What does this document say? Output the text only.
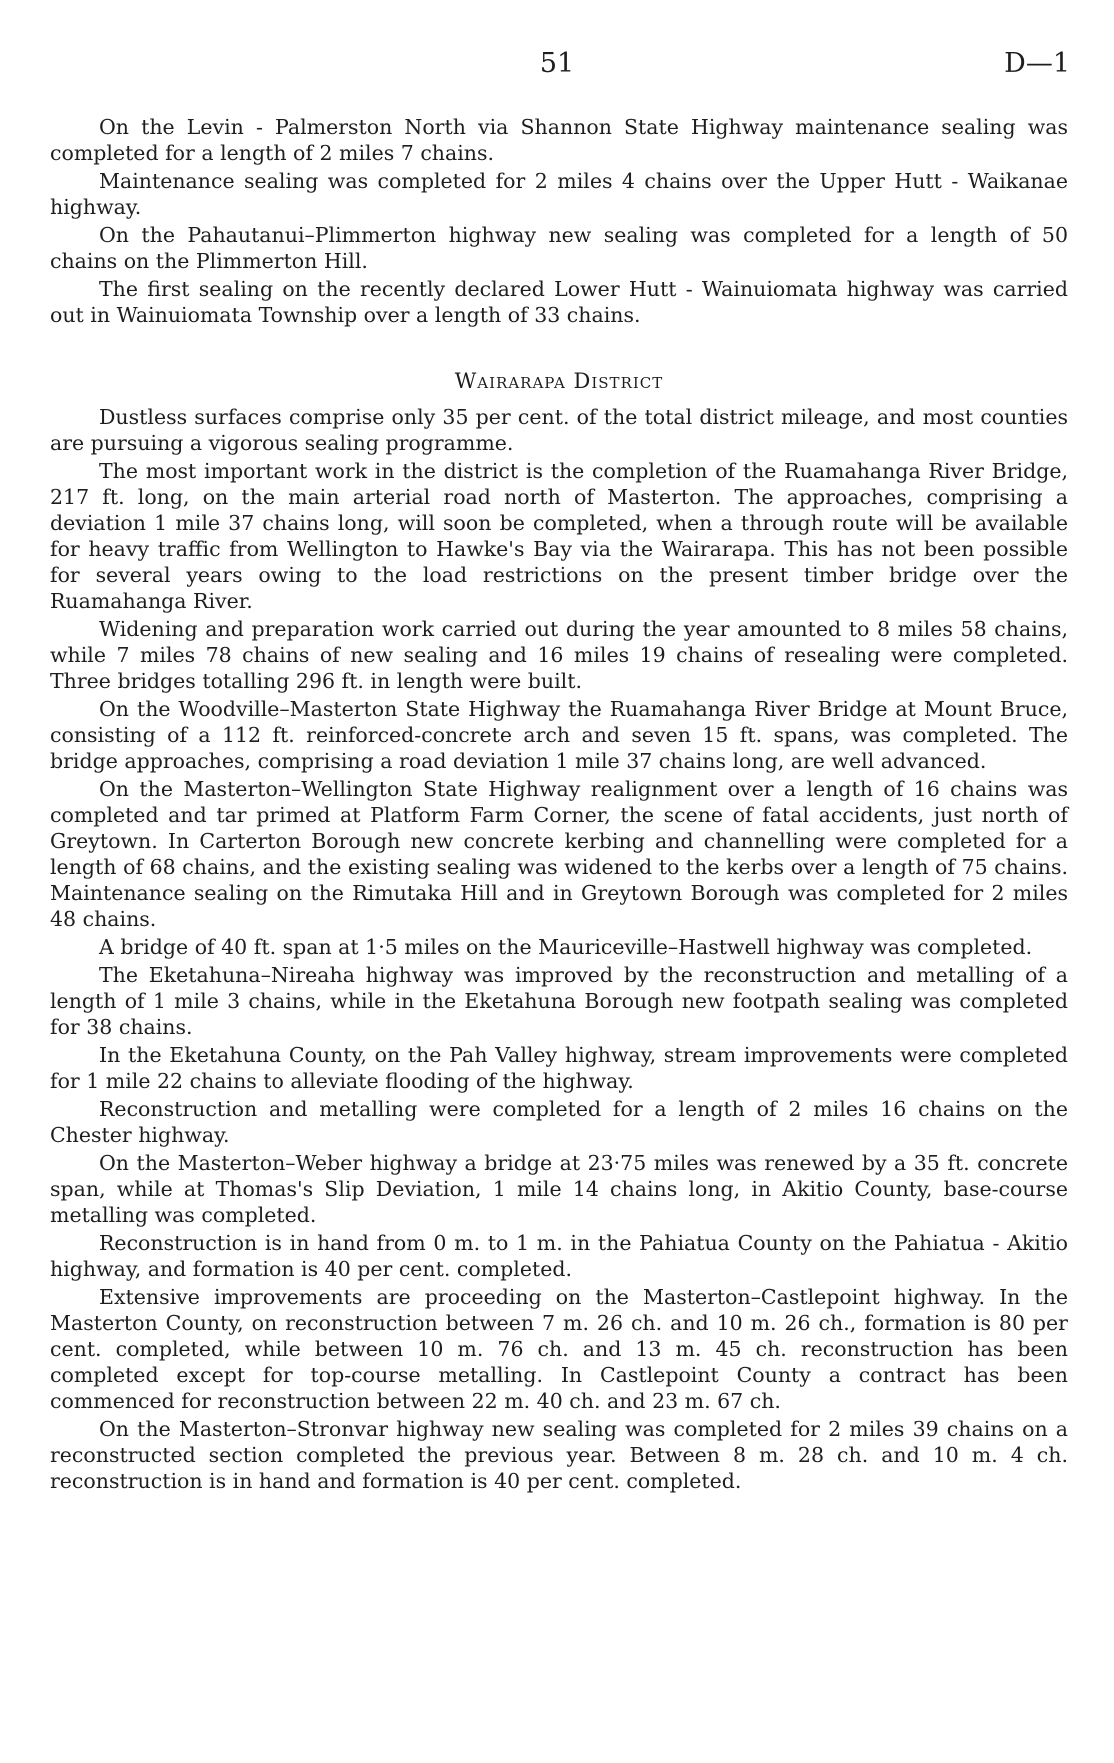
51	D—1

On the Levin - Palmerston North via Shannon State Highway maintenance sealing was completed for a length of 2 miles 7 chains.

Maintenance sealing was completed for 2 miles 4 chains over the Upper Hutt - Waikanae highway.

On the Pahautanui–Plimmerton highway new sealing was completed for a length of 50 chains on the Plimmerton Hill.

The first sealing on the recently declared Lower Hutt - Wainuiomata highway was carried out in Wainuiomata Township over a length of 33 chains.

Wairarapa District

Dustless surfaces comprise only 35 per cent. of the total district mileage, and most counties are pursuing a vigorous sealing programme.

The most important work in the district is the completion of the Ruamahanga River Bridge, 217 ft. long, on the main arterial road north of Masterton. The approaches, comprising a deviation 1 mile 37 chains long, will soon be completed, when a through route will be available for heavy traffic from Wellington to Hawke's Bay via the Wairarapa. This has not been possible for several years owing to the load restrictions on the present timber bridge over the Ruamahanga River.

Widening and preparation work carried out during the year amounted to 8 miles 58 chains, while 7 miles 78 chains of new sealing and 16 miles 19 chains of resealing were completed. Three bridges totalling 296 ft. in length were built.

On the Woodville–Masterton State Highway the Ruamahanga River Bridge at Mount Bruce, consisting of a 112 ft. reinforced-concrete arch and seven 15 ft. spans, was completed. The bridge approaches, comprising a road deviation 1 mile 37 chains long, are well advanced.

On the Masterton–Wellington State Highway realignment over a length of 16 chains was completed and tar primed at Platform Farm Corner, the scene of fatal accidents, just north of Greytown. In Carterton Borough new concrete kerbing and channelling were completed for a length of 68 chains, and the existing sealing was widened to the kerbs over a length of 75 chains. Maintenance sealing on the Rimutaka Hill and in Greytown Borough was completed for 2 miles 48 chains.

A bridge of 40 ft. span at 1·5 miles on the Mauriceville–Hastwell highway was completed.

The Eketahuna–Nireaha highway was improved by the reconstruction and metalling of a length of 1 mile 3 chains, while in the Eketahuna Borough new footpath sealing was completed for 38 chains.

In the Eketahuna County, on the Pah Valley highway, stream improvements were completed for 1 mile 22 chains to alleviate flooding of the highway.

Reconstruction and metalling were completed for a length of 2 miles 16 chains on the Chester highway.

On the Masterton–Weber highway a bridge at 23·75 miles was renewed by a 35 ft. concrete span, while at Thomas's Slip Deviation, 1 mile 14 chains long, in Akitio County, base-course metalling was completed.

Reconstruction is in hand from 0 m. to 1 m. in the Pahiatua County on the Pahiatua - Akitio highway, and formation is 40 per cent. completed.

Extensive improvements are proceeding on the Masterton–Castlepoint highway. In the Masterton County, on reconstruction between 7 m. 26 ch. and 10 m. 26 ch., formation is 80 per cent. completed, while between 10 m. 76 ch. and 13 m. 45 ch. reconstruction has been completed except for top-course metalling. In Castlepoint County a contract has been commenced for reconstruction between 22 m. 40 ch. and 23 m. 67 ch.

On the Masterton–Stronvar highway new sealing was completed for 2 miles 39 chains on a reconstructed section completed the previous year. Between 8 m. 28 ch. and 10 m. 4 ch. reconstruction is in hand and formation is 40 per cent. completed.
